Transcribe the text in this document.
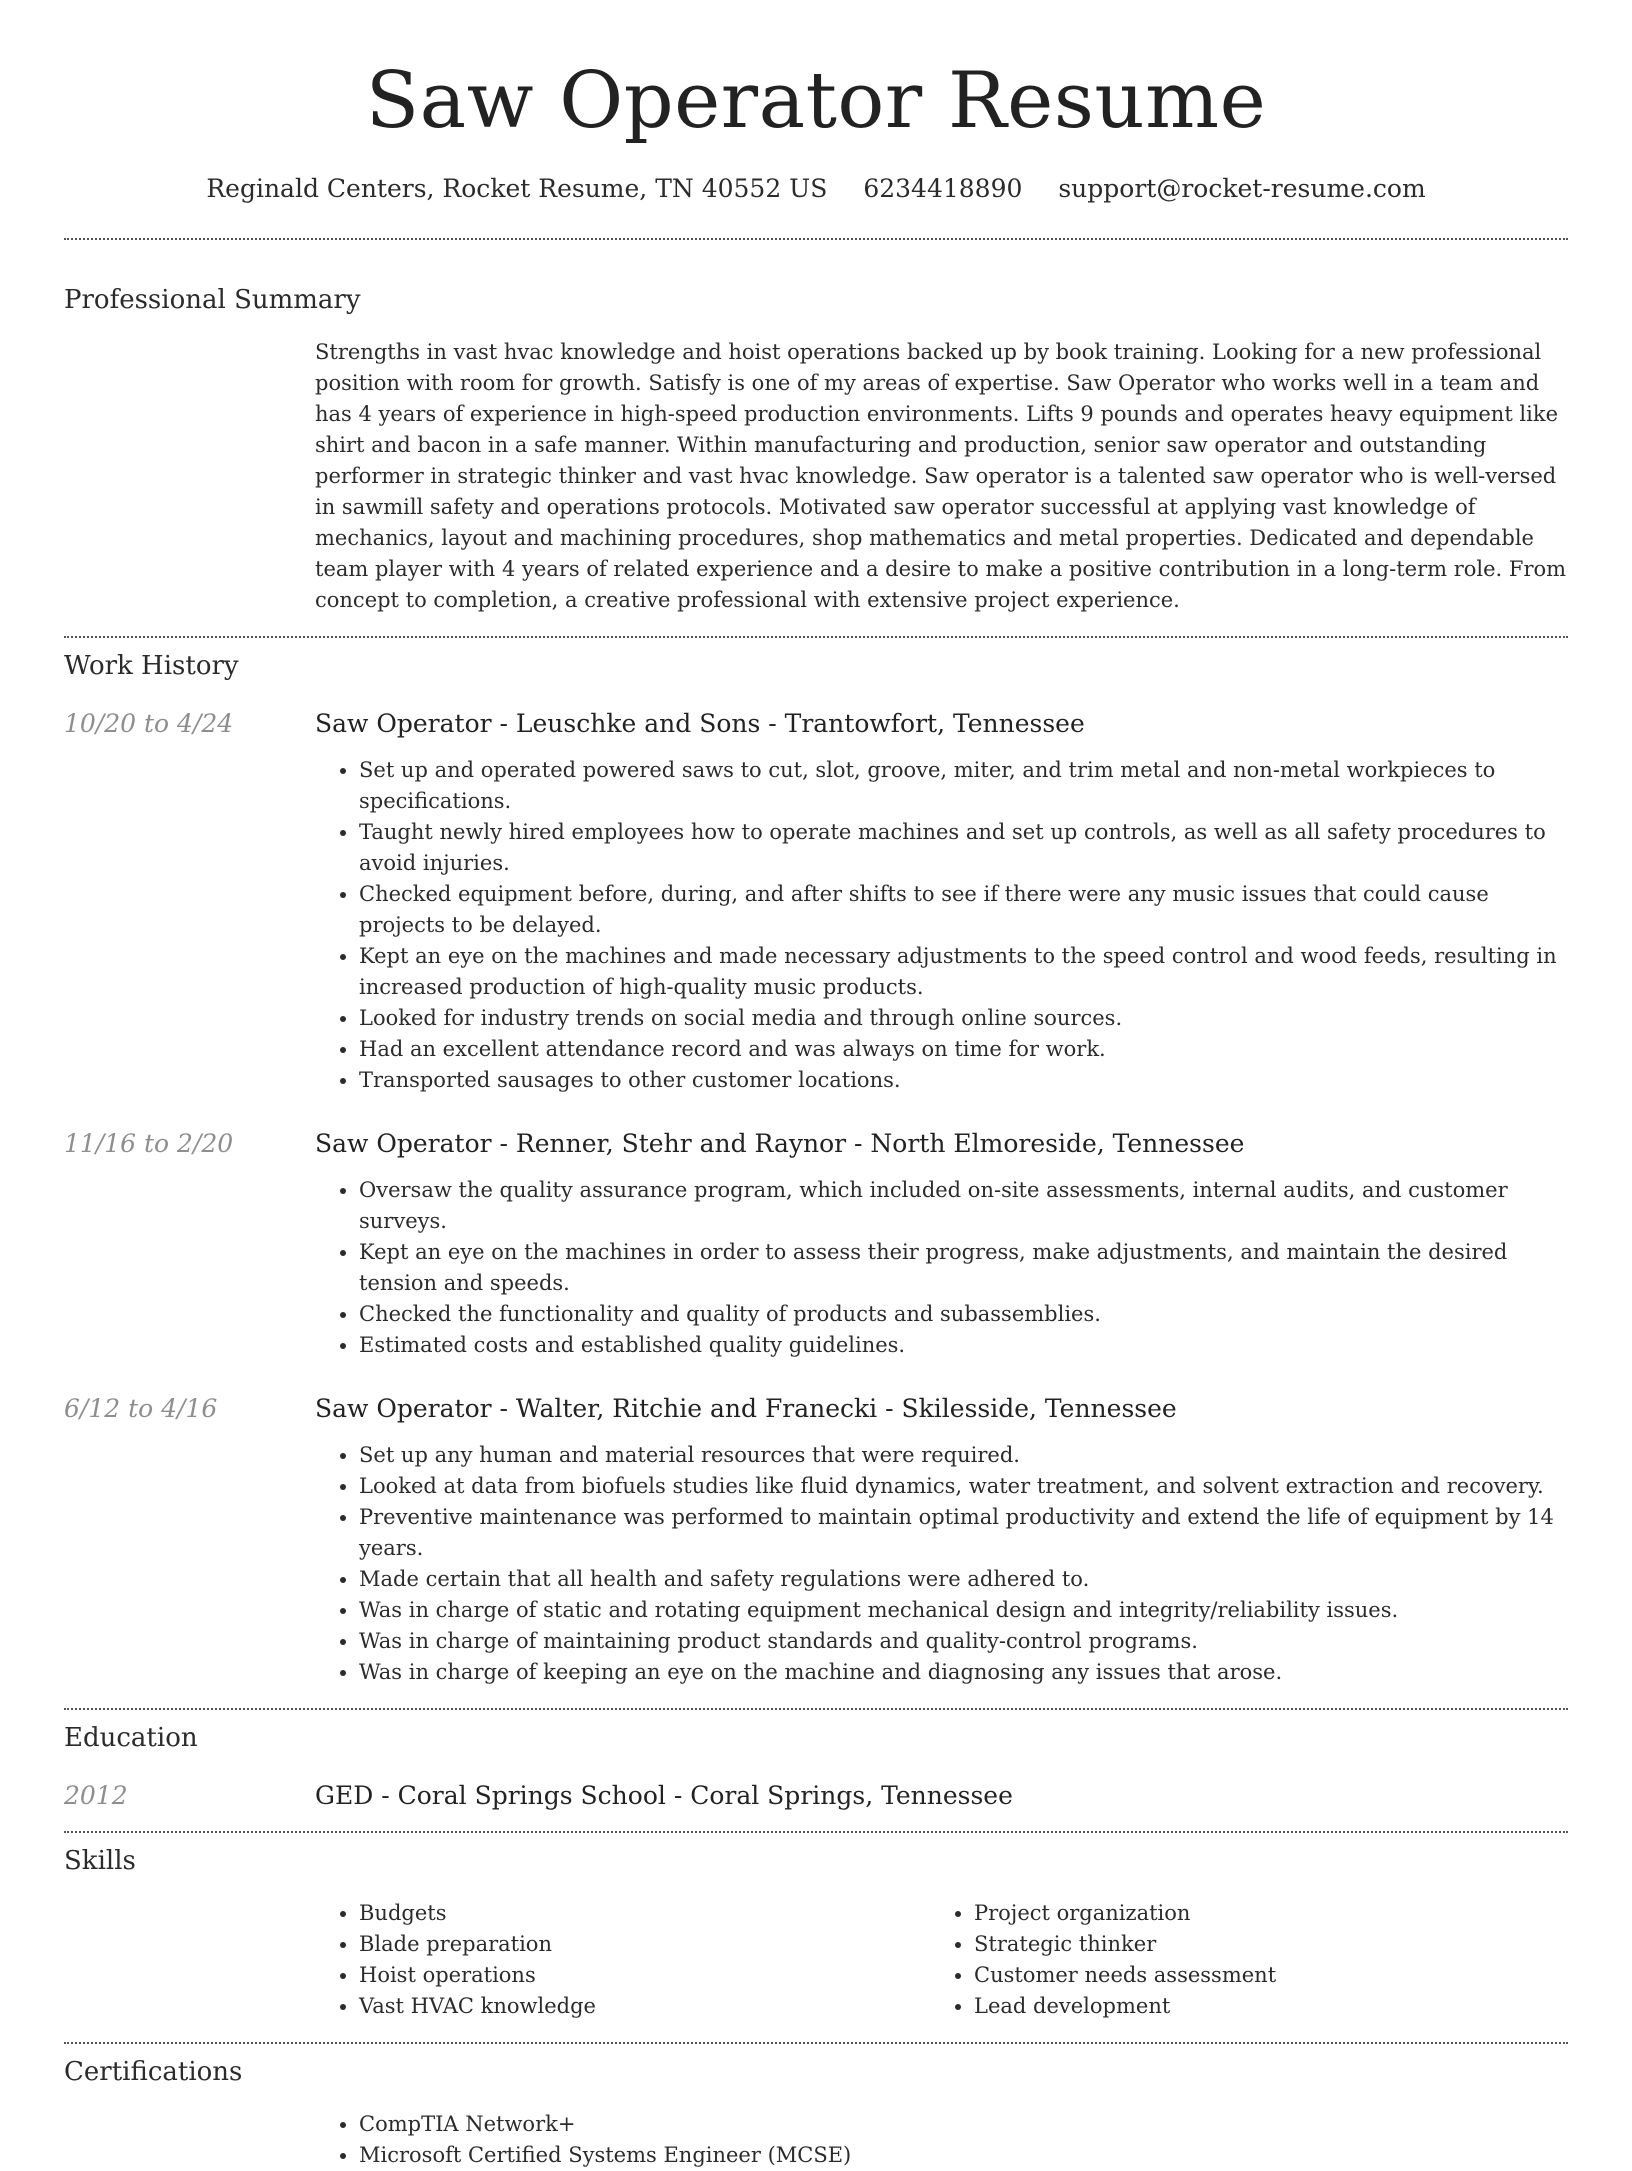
Saw Operator Resume
Reginald Centers, Rocket Resume, TN 40552 US 6234418890 support@rocket-resume.com
Professional Summary

Strengths in vast hvac knowledge and hoist operations backed up by book training. Looking for a new professional position with room for growth. Satisfy is one of my areas of expertise. Saw Operator who works well in a team and has 4 years of experience in high-speed production environments. Lifts 9 pounds and operates heavy equipment like shirt and bacon in a safe manner. Within manufacturing and production, senior saw operator and outstanding performer in strategic thinker and vast hvac knowledge. Saw operator is a talented saw operator who is well-versed in sawmill safety and operations protocols. Motivated saw operator successful at applying vast knowledge of mechanics, layout and machining procedures, shop mathematics and metal properties. Dedicated and dependable team player with 4 years of related experience and a desire to make a positive contribution in a long-term role. From concept to completion, a creative professional with extensive project experience.

Work History
10/20 to 4/24	Saw Operator - Leuschke and Sons - Trantowfort, Tennessee
• Set up and operated powered saws to cut, slot, groove, miter, and trim metal and non-metal workpieces to specifications.
• Taught newly hired employees how to operate machines and set up controls, as well as all safety procedures to avoid injuries.
• Checked equipment before, during, and after shifts to see if there were any music issues that could cause projects to be delayed.
• Kept an eye on the machines and made necessary adjustments to the speed control and wood feeds, resulting in increased production of high-quality music products.
• Looked for industry trends on social media and through online sources.
• Had an excellent attendance record and was always on time for work.
• Transported sausages to other customer locations.
11/16 to 2/20	Saw Operator - Renner, Stehr and Raynor - North Elmoreside, Tennessee
• Oversaw the quality assurance program, which included on-site assessments, internal audits, and customer surveys.
• Kept an eye on the machines in order to assess their progress, make adjustments, and maintain the desired tension and speeds.
• Checked the functionality and quality of products and subassemblies.
• Estimated costs and established quality guidelines.
6/12 to 4/16	Saw Operator - Walter, Ritchie and Franecki - Skilesside, Tennessee
• Set up any human and material resources that were required.
• Looked at data from biofuels studies like fluid dynamics, water treatment, and solvent extraction and recovery.
• Preventive maintenance was performed to maintain optimal productivity and extend the life of equipment by 14 years.
• Made certain that all health and safety regulations were adhered to.
• Was in charge of static and rotating equipment mechanical design and integrity/reliability issues.
• Was in charge of maintaining product standards and quality-control programs.
• Was in charge of keeping an eye on the machine and diagnosing any issues that arose.
Education
2012	GED - Coral Springs School - Coral Springs, Tennessee
Skills
• Budgets
• Blade preparation
• Hoist operations
• Vast HVAC knowledge
• Project organization
• Strategic thinker
• Customer needs assessment
• Lead development
Certifications
• CompTIA Network+
• Microsoft Certified Systems Engineer (MCSE)
